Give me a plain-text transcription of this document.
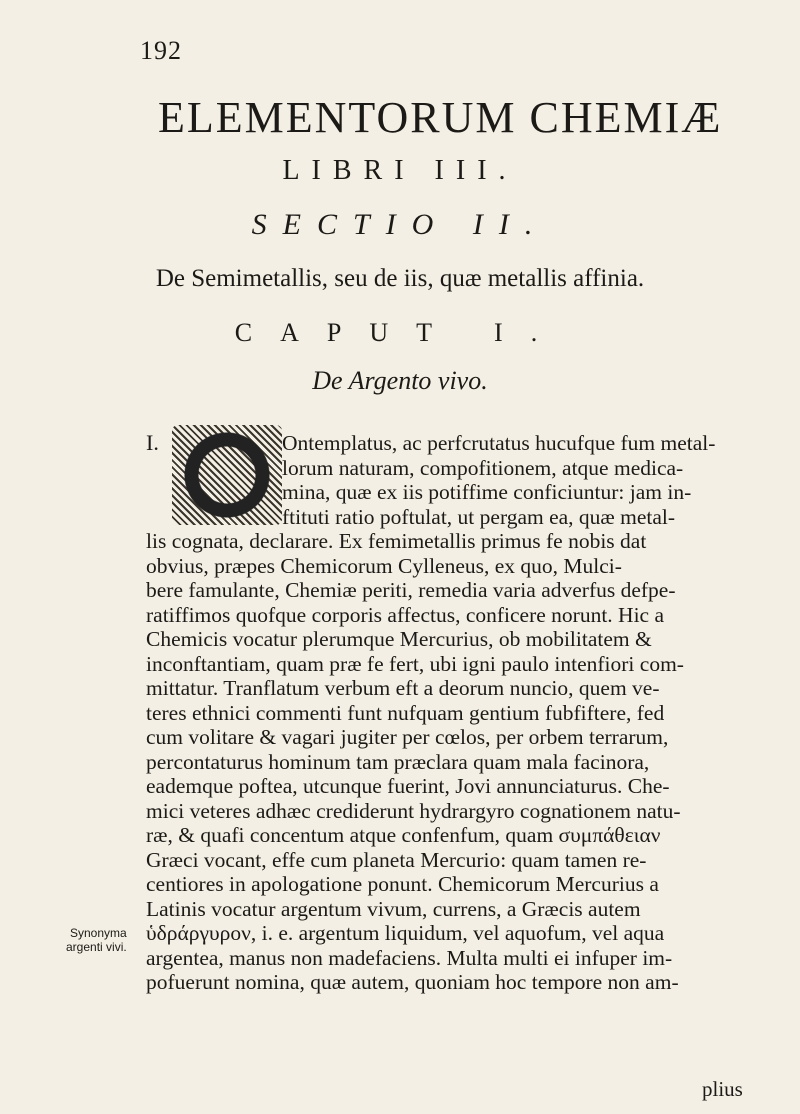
192
ELEMENTORUM CHEMIÆ
LIBRI III.
SECTIO II.
De Semimetallis, seu de iis, quæ metallis affinia.
CAPUT I.
De Argento vivo.
I.	Ontemplatus, ac perfcrutatus hucufque fum metal-
lorum naturam, compofitionem, atque medica-
mina, quæ ex iis potiffime conficiuntur: jam in-
ftituti ratio poftulat, ut pergam ea, quæ metal-
lis cognata, declarare. Ex femimetallis primus fe nobis dat
obvius, præpes Chemicorum Cylleneus, ex quo, Mulci-
bere famulante, Chemiæ periti, remedia varia adverfus defpe-
ratiffimos quofque corporis affectus, conficere norunt. Hic a
Chemicis vocatur plerumque Mercurius, ob mobilitatem &
inconftantiam, quam præ fe fert, ubi igni paulo intenfiori com-
mittatur. Tranflatum verbum eft a deorum nuncio, quem ve-
teres ethnici commenti funt nufquam gentium fubfiftere, fed
cum volitare & vagari jugiter per cœlos, per orbem terrarum,
percontaturus hominum tam præclara quam mala facinora,
eademque poftea, utcunque fuerint, Jovi annunciaturus. Che-
mici veteres adhæc crediderunt hydrargyro cognationem natu-
ræ, & quafi concentum atque confenfum, quam συμπάθειαν
Græci vocant, effe cum planeta Mercurio: quam tamen re-
centiores in apologatione ponunt. Chemicorum Mercurius a
Latinis vocatur argentum vivum, currens, a Græcis autem
ὑδράργυρον, i. e. argentum liquidum, vel aquofum, vel aqua
argentea, manus non madefaciens. Multa multi ei infuper im-
pofuerunt nomina, quæ autem, quoniam hoc tempore non am-
Synonyma
argenti vivi.
plius
